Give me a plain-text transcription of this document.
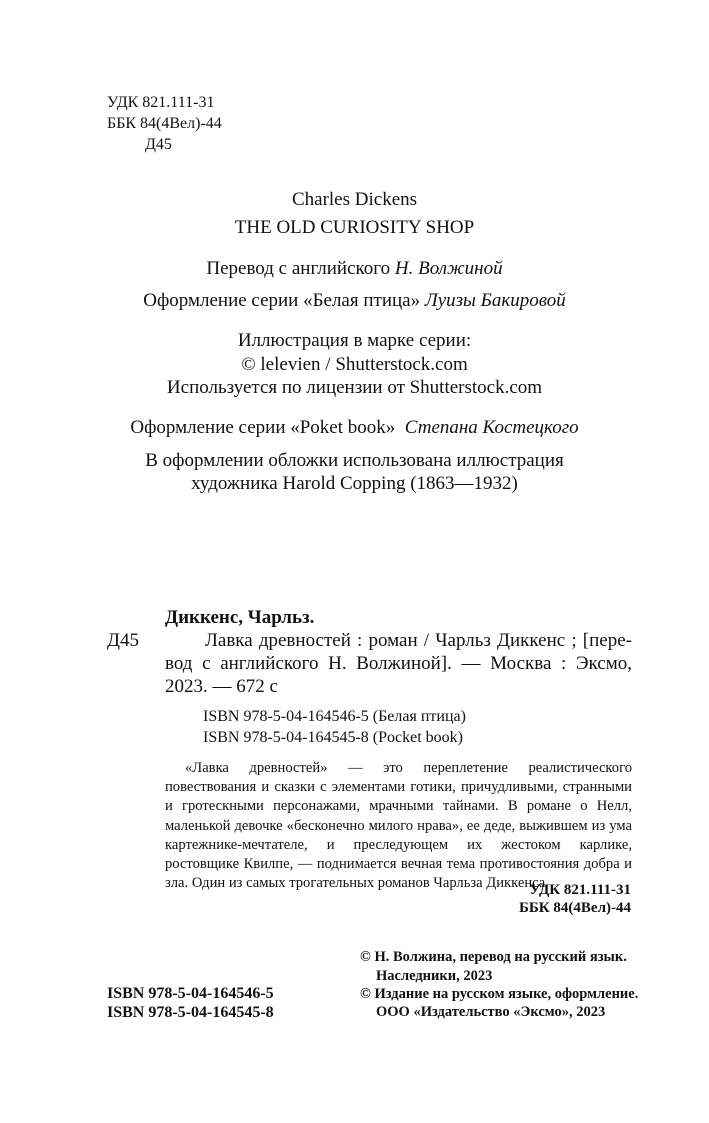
УДК 821.111-31
ББК 84(4Вел)-44
Д45
Charles Dickens
THE OLD CURIOSITY SHOP
Перевод с английского Н. Волжиной
Оформление серии «Белая птица» Луизы Бакировой
Иллюстрация в марке серии:
© lelevien / Shutterstock.com
Используется по лицензии от Shutterstock.com
Оформление серии «Poket book» Степана Костецкого
В оформлении обложки использована иллюстрация
художника Harold Copping (1863—1932)
Диккенс, Чарльз.
Д45	Лавка древностей : роман / Чарльз Диккенс ; [пере-
вод с английского Н. Волжиной]. — Москва : Эксмо,
2023. — 672 с
ISBN 978-5-04-164546-5 (Белая птица)
ISBN 978-5-04-164545-8 (Pocket book)

«Лавка древностей» — это переплетение реалистического повествования и сказки с элементами готики, причудливыми, странными и гротескными персонажами, мрачными тайнами. В романе о Нелл, маленькой девочке «бесконечно милого нрава», ее деде, выжившем из ума картежнике-мечтателе, и преследующем их жестоком карлике, ростовщике Квилпе, — поднимается вечная тема противостояния добра и зла. Один из самых трогательных романов Чарльза Диккенса.

УДК 821.111-31
ББК 84(4Вел)-44
ISBN 978-5-04-164546-5
ISBN 978-5-04-164545-8
© Н. Волжина, перевод на русский язык.
Наследники, 2023
© Издание на русском языке, оформление.
ООО «Издательство «Эксмо», 2023
